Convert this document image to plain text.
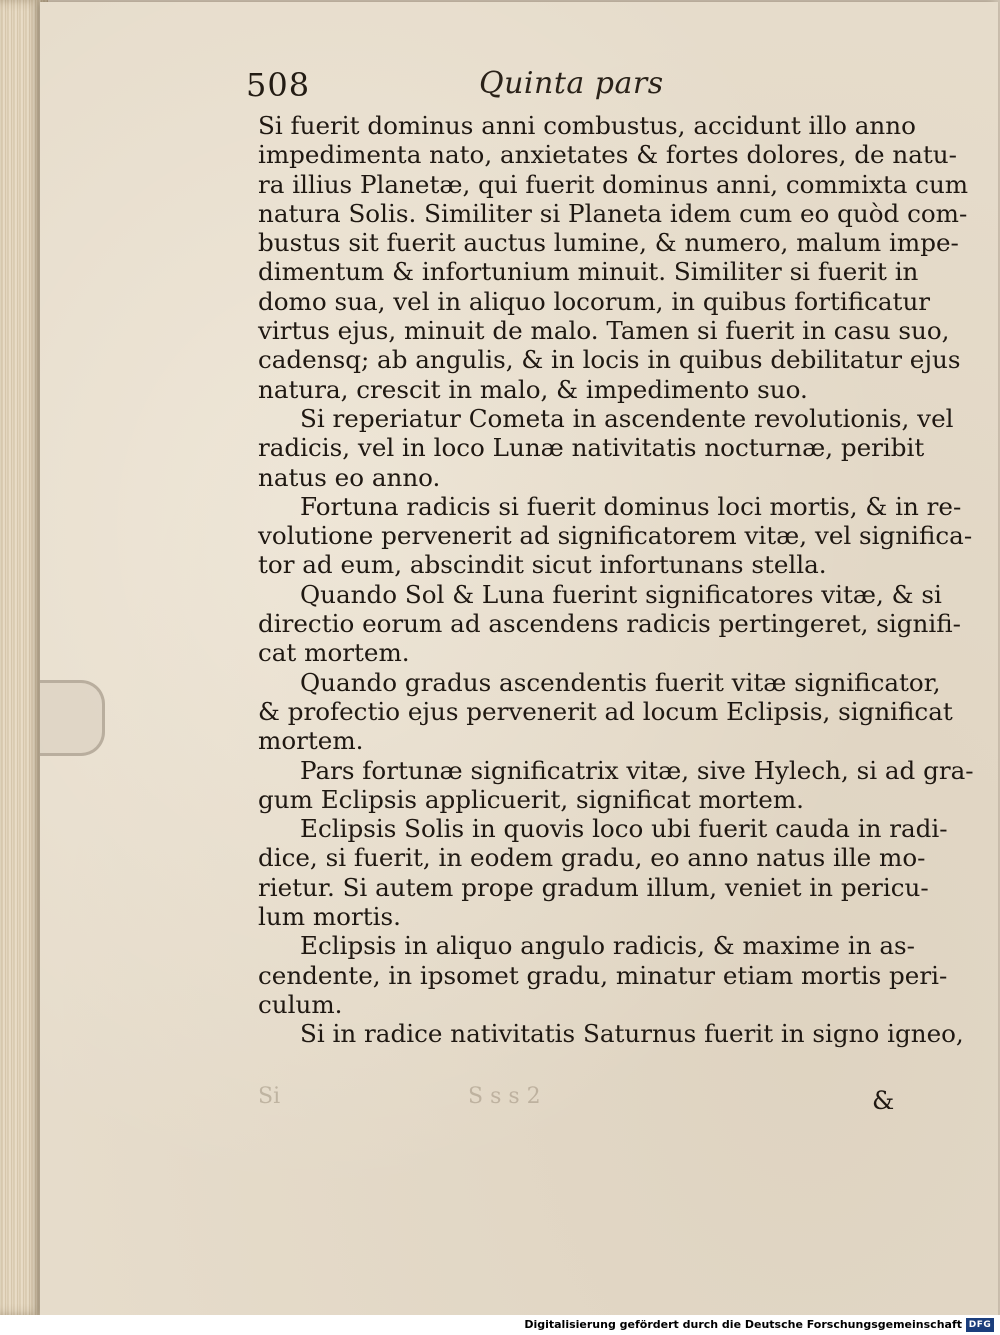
508	Quinta pars
Si fuerit dominus anni combustus, accidunt illo anno
impedimenta nato, anxietates & fortes dolores, de natu-
ra illius Planetæ, qui fuerit dominus anni, commixta cum
natura Solis. Similiter si Planeta idem cum eo quòd com-
bustus sit fuerit auctus lumine, & numero, malum impe-
dimentum & infortunium minuit. Similiter si fuerit in
domo sua, vel in aliquo locorum, in quibus fortificatur
virtus ejus, minuit de malo. Tamen si fuerit in casu suo,
cadensq; ab angulis, & in locis in quibus debilitatur ejus
natura, crescit in malo, & impedimento suo.
Si reperiatur Cometa in ascendente revolutionis, vel
radicis, vel in loco Lunæ nativitatis nocturnæ, peribit
natus eo anno.
Fortuna radicis si fuerit dominus loci mortis, & in re-
volutione pervenerit ad significatorem vitæ, vel significa-
tor ad eum, abscindit sicut infortunans stella.
Quando Sol & Luna fuerint significatores vitæ, & si
directio eorum ad ascendens radicis pertingeret, signifi-
cat mortem.
Quando gradus ascendentis fuerit vitæ significator,
& profectio ejus pervenerit ad locum Eclipsis, significat
mortem.
Pars fortunæ significatrix vitæ, sive Hylech, si ad gra-
gum Eclipsis applicuerit, significat mortem.
Eclipsis Solis in quovis loco ubi fuerit cauda in radi-
dice, si fuerit, in eodem gradu, eo anno natus ille mo-
rietur. Si autem prope gradum illum, veniet in pericu-
lum mortis.
Eclipsis in aliquo angulo radicis, & maxime in as-
cendente, in ipsomet gradu, minatur etiam mortis peri-
culum.
Si in radice nativitatis Saturnus fuerit in signo igneo,
Si	S s s 2	&
Digitalisierung gefördert durch die Deutsche Forschungsgemeinschaft DFG
